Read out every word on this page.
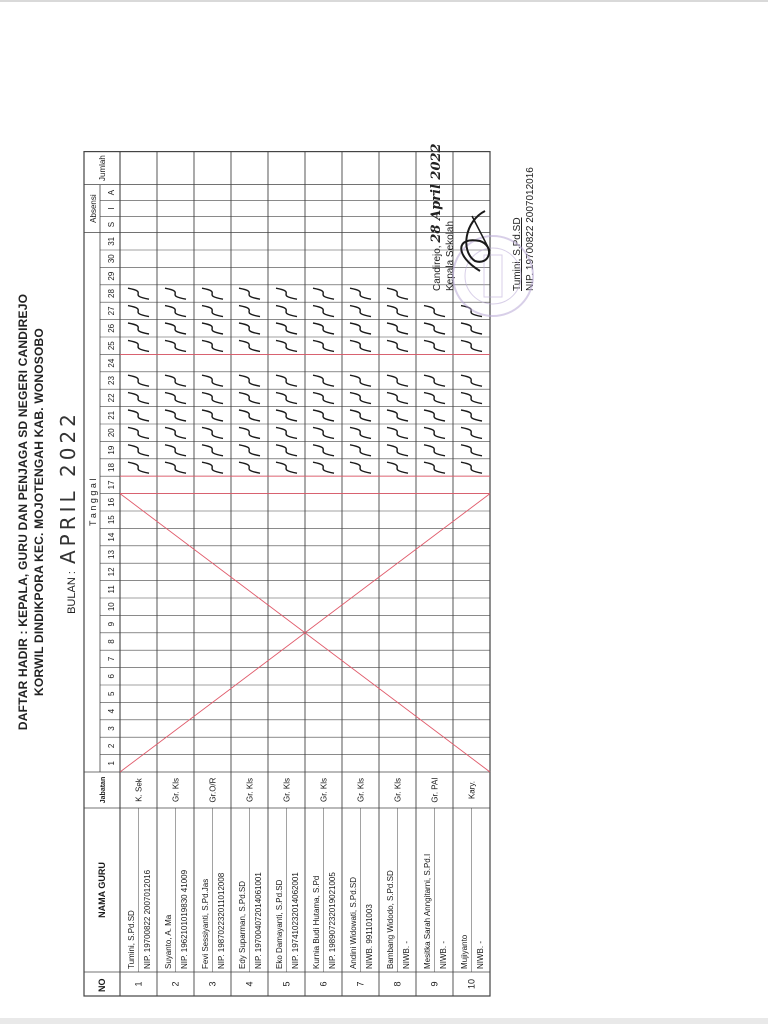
DAFTAR HADIR : KEPALA, GURU DAN PENJAGA SD NEGERI CANDIREJO KORWIL DINDIKPORA KEC. MOJOTENGAH KAB. WONOSOBO	BULAN : APRIL 2022
NO
NAMA GURU
Jabatan
T a n g g a l
Absensi
Jumlah
1
2
3
4
5
6
7
8
9
10
11
12
13
14
15
16
17
18
19
20
21
22
23
24
25
26
27
28
29
30
31
S
I
A
1
Tumini, S.Pd.SD NIP. 19700822 2007012016
K. Sek
2
Suyanto, A. Ma NIP. 1962101019830 41009
Gr. Kls
3
Fevi Sessiyanti, S.Pd.Jas NIP. 198702232011012008
Gr.O/R
4
Edy Suparman, S.Pd.SD NIP. 197004072014061001
Gr. Kls
5
Eko Damayanti, S.Pd.SD NIP. 197410232014062001
Gr. Kls
6
Kurnia Budi Hutama, S.Pd NIP. 198907232019021005
Gr. Kls
7
Andini Widowati, S.Pd.SD NIWB. 991101003
Gr. Kls
8
Bambang Widodo, S.Pd.SD NIWB. -
Gr. Kls
9
Mesitka Sarah Anngitarni, S.Pd.I NIWB. -
Gr. PAI
10
Mujiyanto NIWB. -
Kary.
Candirejo, 28 April 2022
Kepala Sekolah	Tumini, S.Pd.SD NIP. 19700822 2007012016
